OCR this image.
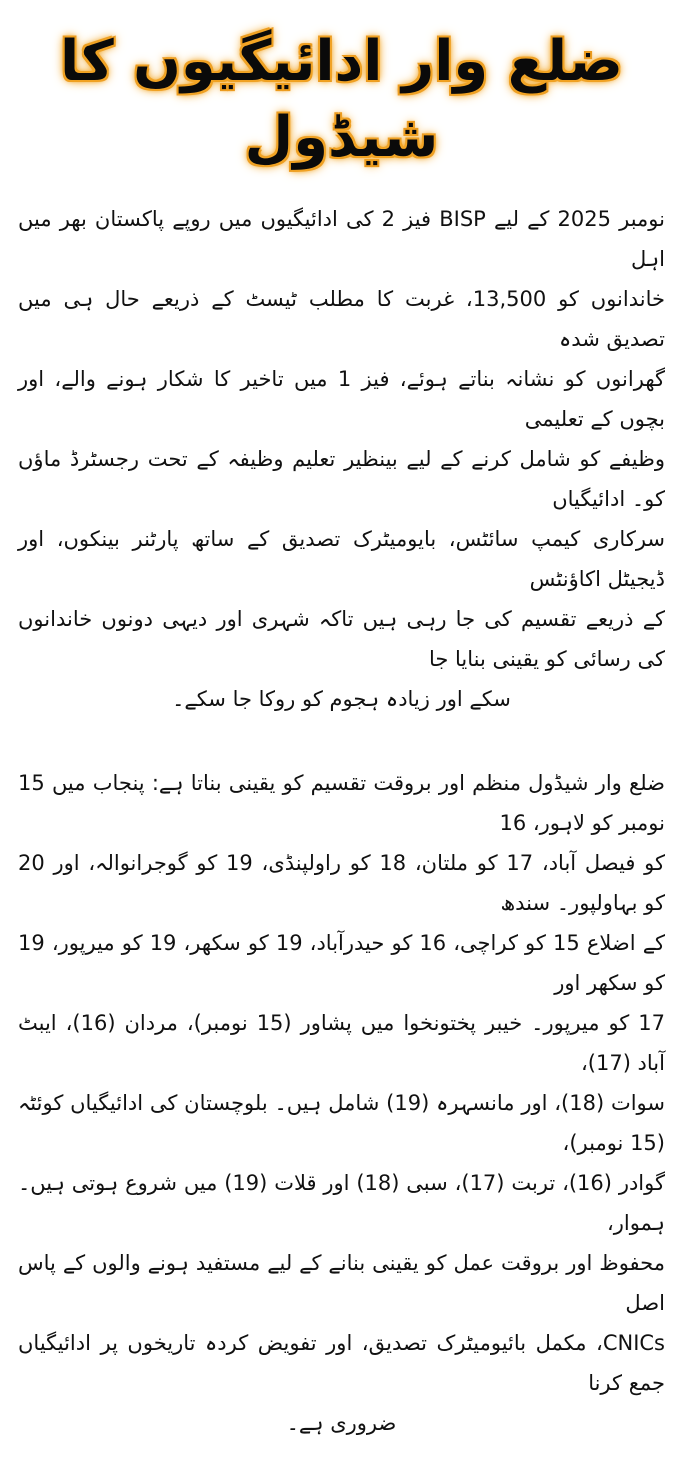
ضلع وار ادائیگیوں کا شیڈول
نومبر 2025 کے لیے BISP فیز 2 کی ادائیگیوں میں روپے پاکستان بھر میں اہل
خاندانوں کو 13,500، غربت کا مطلب ٹیسٹ کے ذریعے حال ہی میں تصدیق شدہ
گھرانوں کو نشانہ بناتے ہوئے، فیز 1 میں تاخیر کا شکار ہونے والے، اور بچوں کے تعلیمی
وظیفے کو شامل کرنے کے لیے بینظیر تعلیم وظیفہ کے تحت رجسٹرڈ ماؤں کو۔ ادائیگیاں
سرکاری کیمپ سائٹس، بایومیٹرک تصدیق کے ساتھ پارٹنر بینکوں، اور ڈیجیٹل اکاؤنٹس
کے ذریعے تقسیم کی جا رہی ہیں تاکہ شہری اور دیہی دونوں خاندانوں کی رسائی کو یقینی بنایا جا
سکے اور زیادہ ہجوم کو روکا جا سکے۔
ضلع وار شیڈول منظم اور بروقت تقسیم کو یقینی بناتا ہے: پنجاب میں 15 نومبر کو لاہور، 16
کو فیصل آباد، 17 کو ملتان، 18 کو راولپنڈی، 19 کو گوجرانوالہ، اور 20 کو بہاولپور۔ سندھ
کے اضلاع 15 کو کراچی، 16 کو حیدرآباد، 19 کو سکھر، 19 کو میرپور، 19 کو سکھر اور
17 کو میرپور۔ خیبر پختونخوا میں پشاور (15 نومبر)، مردان (16)، ایبٹ آباد (17)،
سوات (18)، اور مانسہرہ (19) شامل ہیں۔ بلوچستان کی ادائیگیاں کوئٹہ (15 نومبر)،
گوادر (16)، تربت (17)، سبی (18) اور قلات (19) میں شروع ہوتی ہیں۔ ہموار،
محفوظ اور بروقت عمل کو یقینی بنانے کے لیے مستفید ہونے والوں کے پاس اصل
CNICs، مکمل بائیومیٹرک تصدیق، اور تفویض کردہ تاریخوں پر ادائیگیاں جمع کرنا
ضروری ہے۔
